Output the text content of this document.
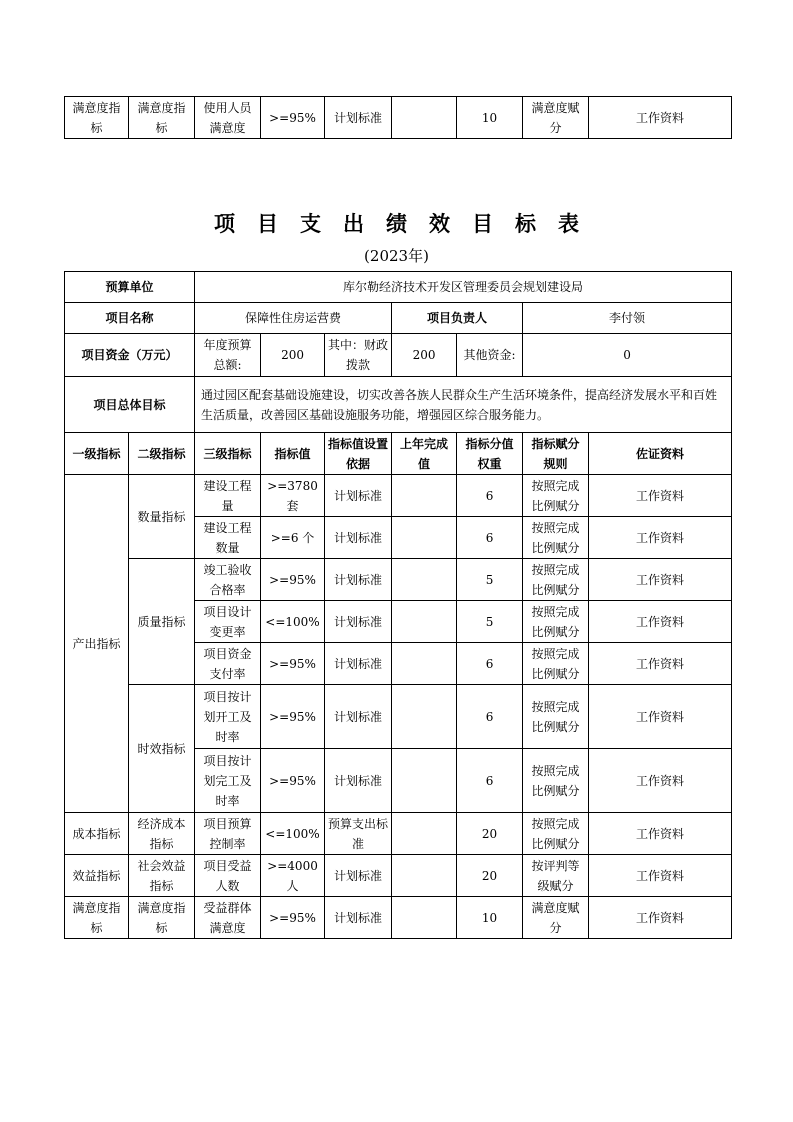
满意度指标	满意度指标	使用人员满意度	>=95%	计划标准		10	满意度赋分	工作资料
项目支出绩效目标表
(2023年)
预算单位		库尔勒经济技术开发区管理委员会规划建设局						
项目名称		保障性住房运营费			项目负责人		李付领	
项目资金（万元）		年度预算总额:	200	其中：财政拨款	200	其他资金:	0	
项目总体目标		通过园区配套基础设施建设，切实改善各族人民群众生产生活环境条件，提高经济发展水平和百姓生活质量，改善园区基础设施服务功能，增强园区综合服务能力。						
一级指标	二级指标	三级指标	指标值	指标值设置依据	上年完成值	指标分值权重	指标赋分规则	佐证资料
产出指标	数量指标	建设工程量	>=3780 套	计划标准		6	按照完成比例赋分	工作资料
		建设工程数量	>=6 个	计划标准		6	按照完成比例赋分	工作资料
	质量指标	竣工验收合格率	>=95%	计划标准		5	按照完成比例赋分	工作资料
		项目设计变更率	<=100%	计划标准		5	按照完成比例赋分	工作资料
		项目资金支付率	>=95%	计划标准		6	按照完成比例赋分	工作资料
	时效指标	项目按计划开工及时率	>=95%	计划标准		6	按照完成比例赋分	工作资料
		项目按计划完工及时率	>=95%	计划标准		6	按照完成比例赋分	工作资料
成本指标	经济成本指标	项目预算控制率	<=100%	预算支出标准		20	按照完成比例赋分	工作资料
效益指标	社会效益指标	项目受益人数	>=4000 人	计划标准		20	按评判等级赋分	工作资料
满意度指标	满意度指标	受益群体满意度	>=95%	计划标准		10	满意度赋分	工作资料
